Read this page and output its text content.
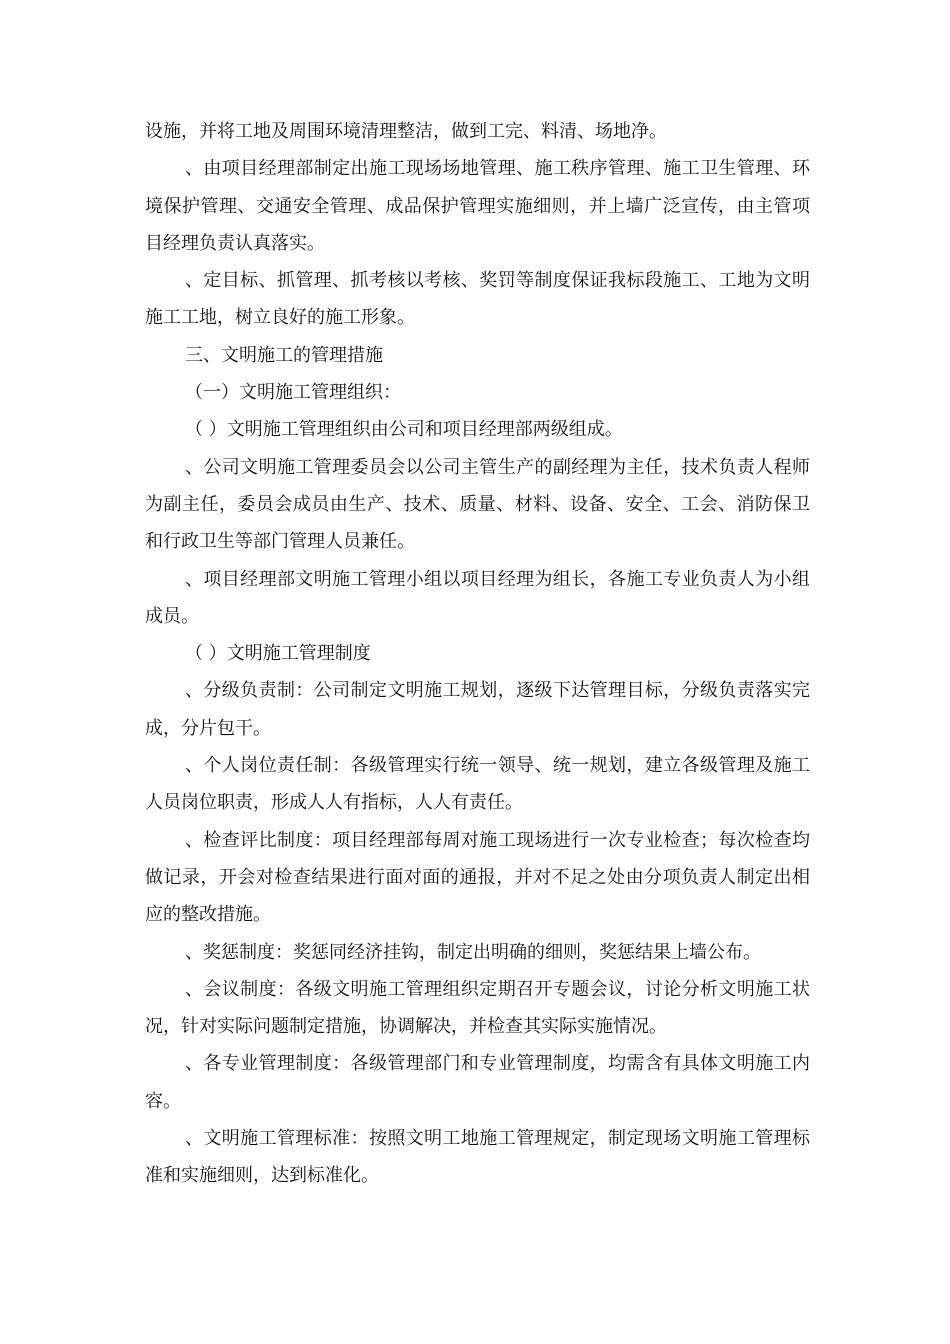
设施，并将工地及周围环境清理整洁，做到工完、料清、场地净。

、由项目经理部制定出施工现场场地管理、施工秩序管理、施工卫生管理、环境保护管理、交通安全管理、成品保护管理实施细则，并上墙广泛宣传，由主管项目经理负责认真落实。

、定目标、抓管理、抓考核以考核、奖罚等制度保证我标段施工、工地为文明施工工地，树立良好的施工形象。

三、文明施工的管理措施

（一）文明施工管理组织：

（ ）文明施工管理组织由公司和项目经理部两级组成。

、公司文明施工管理委员会以公司主管生产的副经理为主任，技术负责人程师为副主任，委员会成员由生产、技术、质量、材料、设备、安全、工会、消防保卫和行政卫生等部门管理人员兼任。

、项目经理部文明施工管理小组以项目经理为组长，各施工专业负责人为小组成员。

（ ）文明施工管理制度

、分级负责制：公司制定文明施工规划，逐级下达管理目标，分级负责落实完成，分片包干。

、个人岗位责任制：各级管理实行统一领导、统一规划，建立各级管理及施工人员岗位职责，形成人人有指标，人人有责任。

、检查评比制度：项目经理部每周对施工现场进行一次专业检查；每次检查均做记录，开会对检查结果进行面对面的通报，并对不足之处由分项负责人制定出相应的整改措施。

、奖惩制度：奖惩同经济挂钩，制定出明确的细则，奖惩结果上墙公布。

、会议制度：各级文明施工管理组织定期召开专题会议，讨论分析文明施工状况，针对实际问题制定措施，协调解决，并检查其实际实施情况。

、各专业管理制度：各级管理部门和专业管理制度，均需含有具体文明施工内容。

、文明施工管理标准：按照文明工地施工管理规定，制定现场文明施工管理标准和实施细则，达到标准化。
